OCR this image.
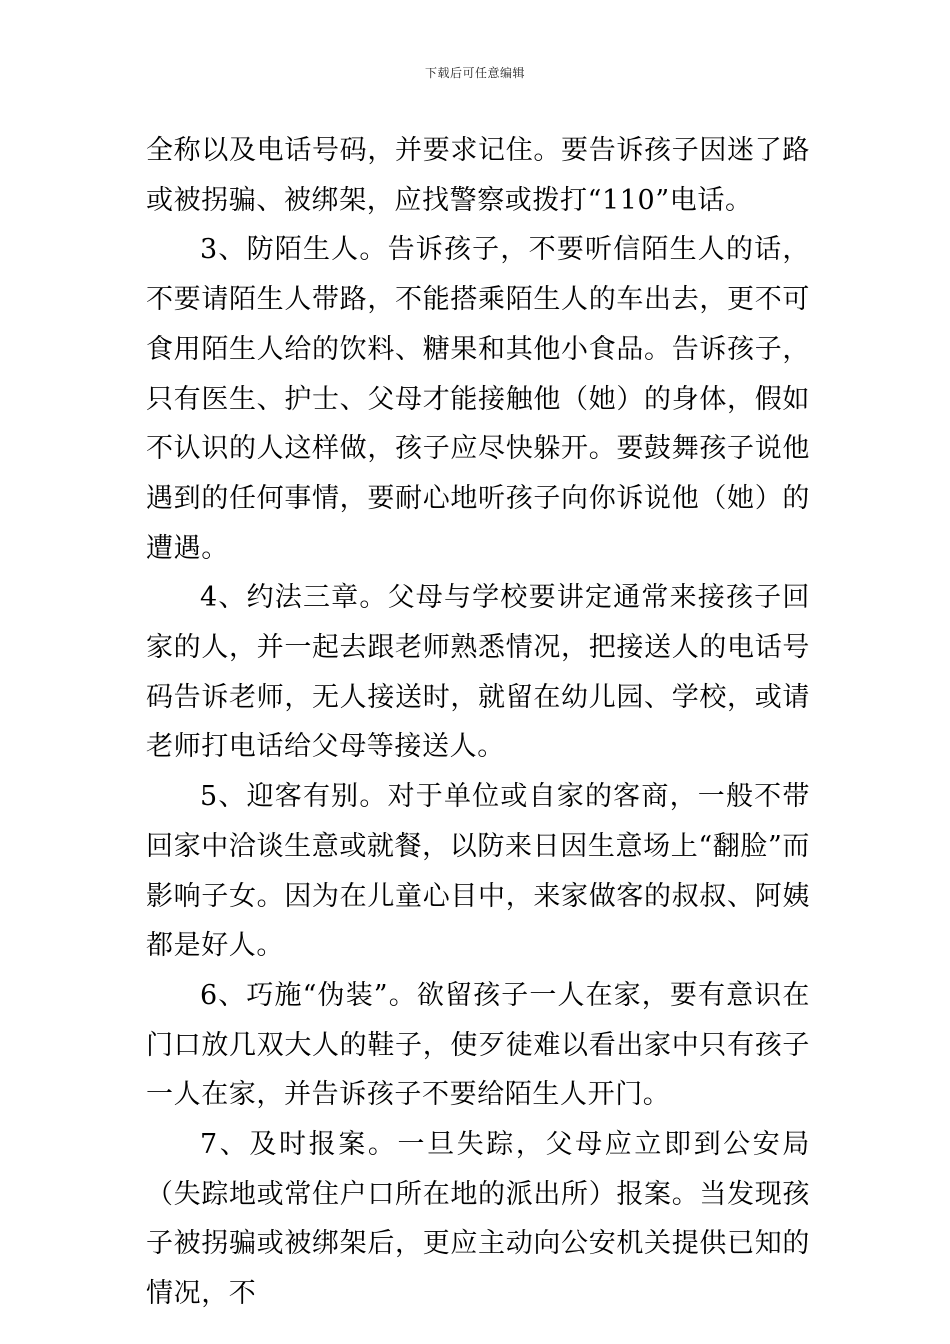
下载后可任意编辑

全称以及电话号码，并要求记住。要告诉孩子因迷了路或被拐骗、被绑架，应找警察或拨打“110”电话。

3、防陌生人。告诉孩子，不要听信陌生人的话，不要请陌生人带路，不能搭乘陌生人的车出去，更不可食用陌生人给的饮料、糖果和其他小食品。告诉孩子，只有医生、护士、父母才能接触他（她）的身体，假如不认识的人这样做，孩子应尽快躲开。要鼓舞孩子说他遇到的任何事情，要耐心地听孩子向你诉说他（她）的遭遇。

4、约法三章。父母与学校要讲定通常来接孩子回家的人，并一起去跟老师熟悉情况，把接送人的电话号码告诉老师，无人接送时，就留在幼儿园、学校，或请老师打电话给父母等接送人。

5、迎客有别。对于单位或自家的客商，一般不带回家中洽谈生意或就餐，以防来日因生意场上“翻脸”而影响子女。因为在儿童心目中，来家做客的叔叔、阿姨都是好人。

6、巧施“伪装”。欲留孩子一人在家，要有意识在门口放几双大人的鞋子，使歹徒难以看出家中只有孩子一人在家，并告诉孩子不要给陌生人开门。

7、及时报案。一旦失踪，父母应立即到公安局（失踪地或常住户口所在地的派出所）报案。当发现孩子被拐骗或被绑架后，更应主动向公安机关提供已知的情况，不
